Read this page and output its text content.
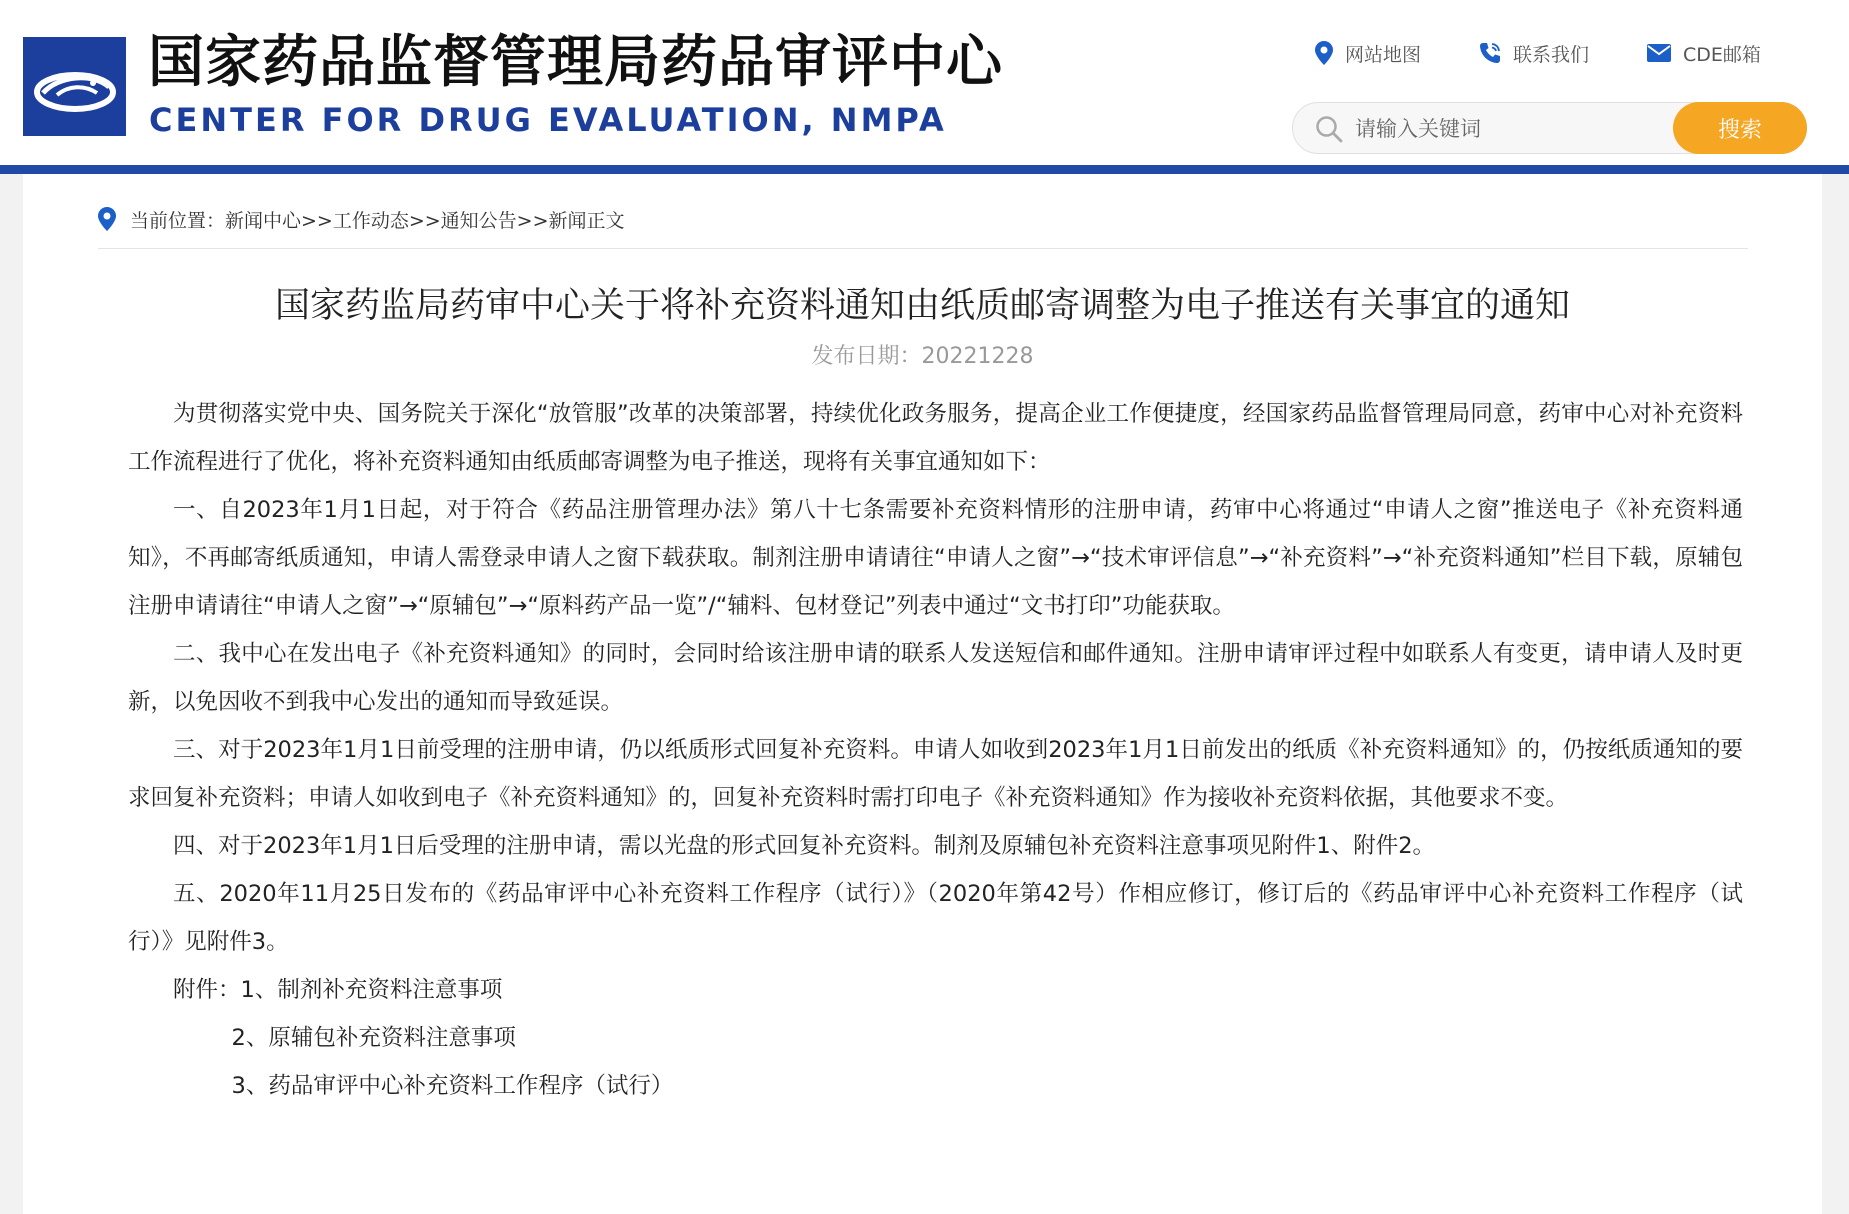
国家药品监督管理局药品审评中心
CENTER FOR DRUG EVALUATION, NMPA
网站地图	联系我们	CDE邮箱
请输入关键词
搜索
当前位置：新闻中心>>工作动态>>通知公告>>新闻正文
国家药监局药审中心关于将补充资料通知由纸质邮寄调整为电子推送有关事宜的通知
发布日期：20221228

为贯彻落实党中央、国务院关于深化“放管服”改革的决策部署，持续优化政务服务，提高企业工作便捷度，经国家药品监督管理局同意，药审中心对补充资料工作流程进行了优化，将补充资料通知由纸质邮寄调整为电子推送，现将有关事宜通知如下：

一、自2023年1月1日起，对于符合《药品注册管理办法》第八十七条需要补充资料情形的注册申请，药审中心将通过“申请人之窗”推送电子《补充资料通知》，不再邮寄纸质通知，申请人需登录申请人之窗下载获取。制剂注册申请请往“申请人之窗”→“技术审评信息”→“补充资料”→“补充资料通知”栏目下载，原辅包注册申请请往“申请人之窗”→“原辅包”→“原料药产品一览”/“辅料、包材登记”列表中通过“文书打印”功能获取。

二、我中心在发出电子《补充资料通知》的同时，会同时给该注册申请的联系人发送短信和邮件通知。注册申请审评过程中如联系人有变更，请申请人及时更新，以免因收不到我中心发出的通知而导致延误。

三、对于2023年1月1日前受理的注册申请，仍以纸质形式回复补充资料。申请人如收到2023年1月1日前发出的纸质《补充资料通知》的，仍按纸质通知的要求回复补充资料；申请人如收到电子《补充资料通知》的，回复补充资料时需打印电子《补充资料通知》作为接收补充资料依据，其他要求不变。

四、对于2023年1月1日后受理的注册申请，需以光盘的形式回复补充资料。制剂及原辅包补充资料注意事项见附件1、附件2。

五、2020年11月25日发布的《药品审评中心补充资料工作程序（试行）》（2020年第42号）作相应修订，修订后的《药品审评中心补充资料工作程序（试行）》见附件3。

附件：1、制剂补充资料注意事项

2、原辅包补充资料注意事项

3、药品审评中心补充资料工作程序（试行）
